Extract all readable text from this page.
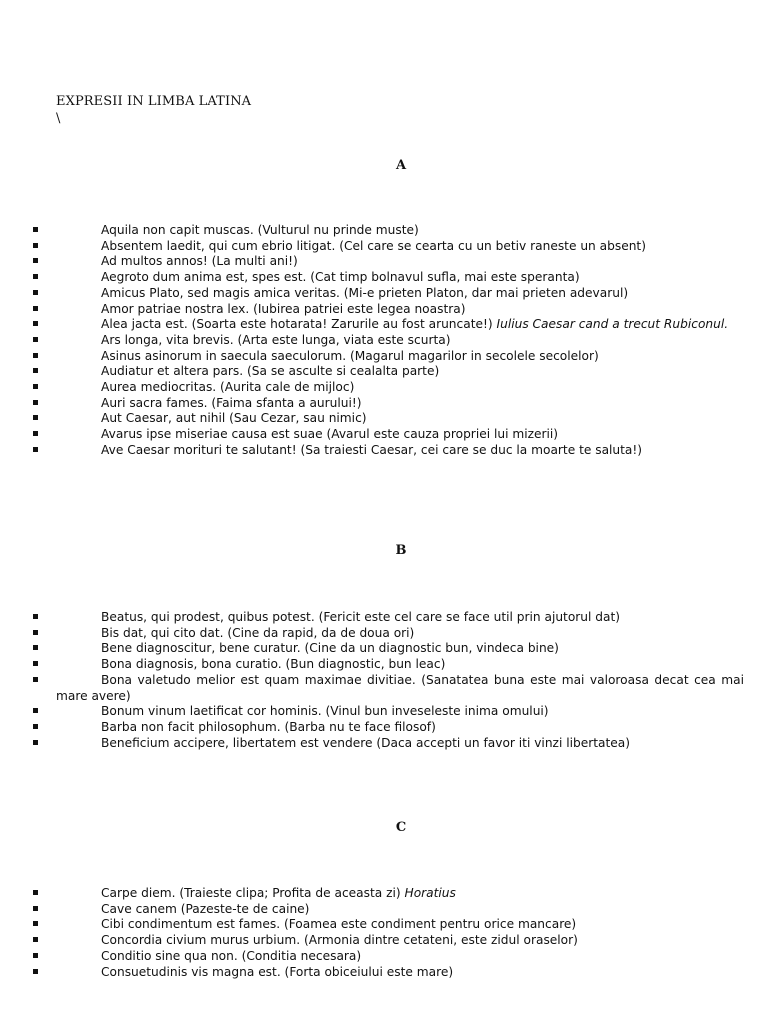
EXPRESII IN LIMBA LATINA
\
A
Aquila non capit muscas. (Vulturul nu prinde muste)
Absentem laedit, qui cum ebrio litigat. (Cel care se cearta cu un betiv raneste un absent)
Ad multos annos! (La multi ani!)
Aegroto dum anima est, spes est. (Cat timp bolnavul sufla, mai este speranta)
Amicus Plato, sed magis amica veritas. (Mi-e prieten Platon, dar mai prieten adevarul)
Amor patriae nostra lex. (Iubirea patriei este legea noastra)
Alea jacta est. (Soarta este hotarata! Zarurile au fost aruncate!) Iulius Caesar cand a trecut Rubiconul.
Ars longa, vita brevis. (Arta este lunga, viata este scurta)
Asinus asinorum in saecula saeculorum. (Magarul magarilor in secolele secolelor)
Audiatur et altera pars. (Sa se asculte si cealalta parte)
Aurea mediocritas. (Aurita cale de mijloc)
Auri sacra fames. (Faima sfanta a aurului!)
Aut Caesar, aut nihil (Sau Cezar, sau nimic)
Avarus ipse miseriae causa est suae (Avarul este cauza propriei lui mizerii)
Ave Caesar morituri te salutant! (Sa traiesti Caesar, cei care se duc la moarte te saluta!)
B
Beatus, qui prodest, quibus potest. (Fericit este cel care se face util prin ajutorul dat)
Bis dat, qui cito dat. (Cine da rapid, da de doua ori)
Bene diagnoscitur, bene curatur. (Cine da un diagnostic bun, vindeca bine)
Bona diagnosis, bona curatio. (Bun diagnostic, bun leac)
Bona valetudo melior est quam maximae divitiae. (Sanatatea buna este mai valoroasa decat cea mai mare avere)
Bonum vinum laetificat cor hominis. (Vinul bun inveseleste inima omului)
Barba non facit philosophum. (Barba nu te face filosof)
Beneficium accipere, libertatem est vendere (Daca accepti un favor iti vinzi libertatea)
C
Carpe diem. (Traieste clipa; Profita de aceasta zi) Horatius
Cave canem (Pazeste-te de caine)
Cibi condimentum est fames. (Foamea este condiment pentru orice mancare)
Concordia civium murus urbium. (Armonia dintre cetateni, este zidul oraselor)
Conditio sine qua non. (Conditia necesara)
Consuetudinis vis magna est. (Forta obiceiului este mare)
